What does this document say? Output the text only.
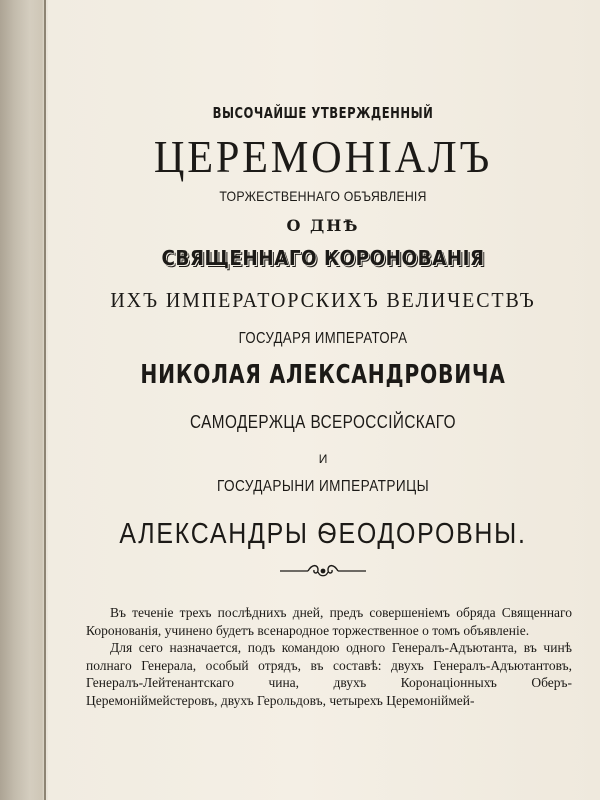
ВЫСОЧАЙШЕ УТВЕРЖДЕННЫЙ
ЦЕРЕМОНIАЛЪ
ТОРЖЕСТВЕННАГО ОБЪЯВЛЕНIЯ
О ДНѢ
СВЯЩЕННАГО КОРОНОВАНIЯ
ИХЪ ИМПЕРАТОРСКИХЪ ВЕЛИЧЕСТВЪ
ГОСУДАРЯ ИМПЕРАТОРА
НИКОЛАЯ АЛЕКСАНДРОВИЧА
САМОДЕРЖЦА ВСЕРОССIЙСКАГО
И
ГОСУДАРЫНИ ИМПЕРАТРИЦЫ
АЛЕКСАНДРЫ ѲЕОДОРОВНЫ.

Въ теченiе трехъ послѣднихъ дней, предъ совершенiемъ обряда Священнаго Коронованiя, учинено будетъ всенародное торжественное о томъ объявленiе.

Для сего назначается, подъ командою одного Генералъ-Адъютанта, въ чинѣ полнаго Генерала, особый отрядъ, въ составѣ: двухъ Генералъ-Адъютантовъ, Генералъ-Лейтенантскаго чина, двухъ Коронацiонныхъ Оберъ-Церемонiймейстеровъ, двухъ Герольдовъ, четырехъ Церемонiймей-
